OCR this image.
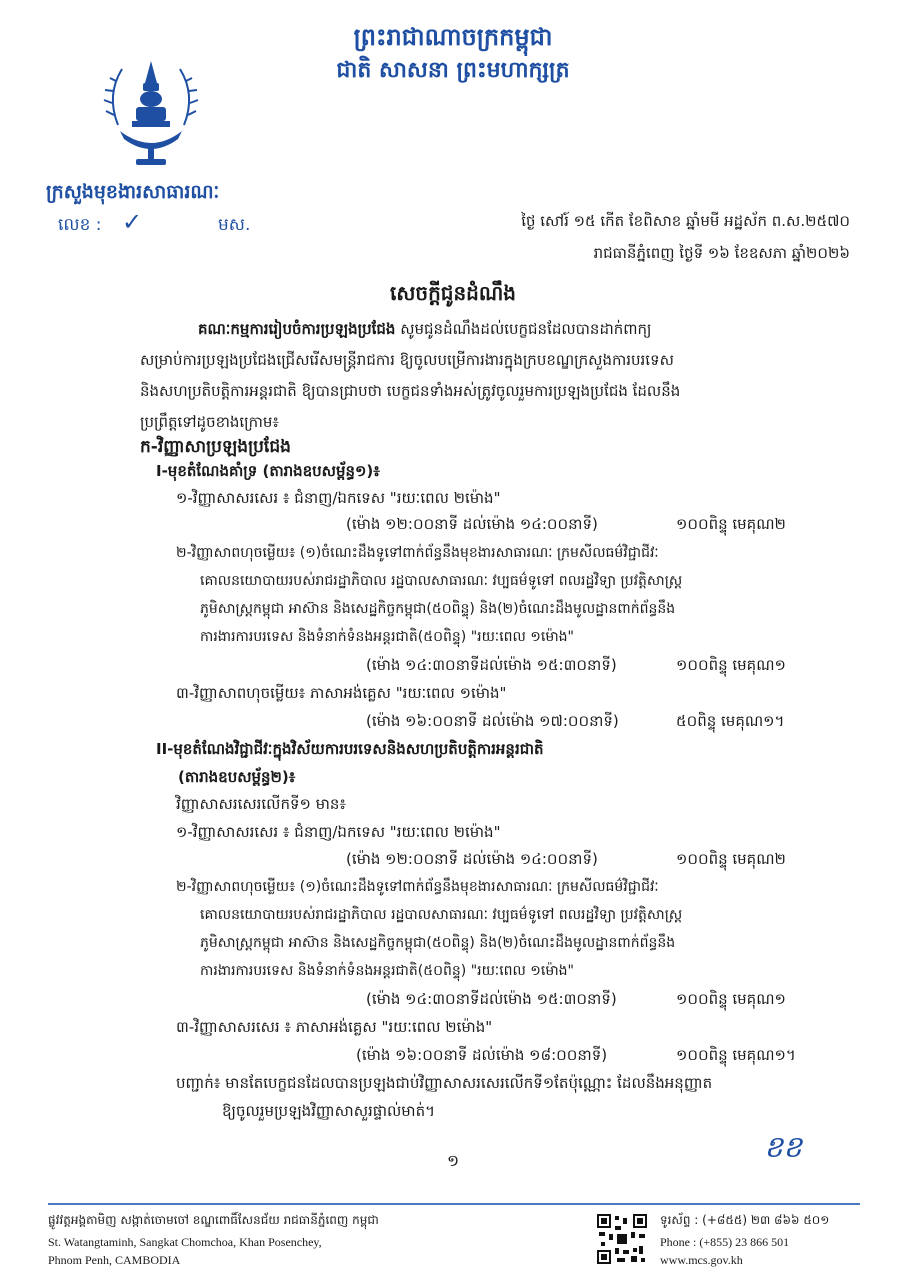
ព្រះរាជាណាចក្រកម្ពុជា
ជាតិ សាសនា ព្រះមហាក្សត្រ
ក្រសួងមុខងារសាធារណៈ
លេខ : ✓	មស.	ថ្ងៃ សៅរ៍ ១៥ កើត ខែពិសាខ ឆ្នាំមមី អដ្ឋស័ក ព.ស.២៥៧០
រាជធានីភ្នំពេញ ថ្ងៃទី ១៦ ខែឧសភា ឆ្នាំ២០២៦
សេចក្តីជូនដំណឹង
គណៈកម្មការរៀបចំការប្រឡងប្រជែង សូមជូនដំណឹងដល់បេក្ខជនដែលបានដាក់ពាក្យ
សម្រាប់ការប្រឡងប្រជែងជ្រើសរើសមន្ត្រីរាជការ ឱ្យចូលបម្រើការងារក្នុងក្របខណ្ឌក្រសួងការបរទេស
និងសហប្រតិបត្តិការអន្តរជាតិ ឱ្យបានជ្រាបថា បេក្ខជនទាំងអស់ត្រូវចូលរួមការប្រឡងប្រជែង ដែលនឹង
ប្រព្រឹត្តទៅដូចខាងក្រោម៖
ក-វិញ្ញាសាប្រឡងប្រជែង
I-មុខតំណែងគាំទ្រ (តារាងឧបសម្ព័ន្ធ១)៖
១-វិញ្ញាសាសរសេរ ៖ ជំនាញ/ឯកទេស "រយៈពេល ២ម៉ោង"
(ម៉ោង ១២:០០នាទី ដល់ម៉ោង ១៤:០០នាទី)	១០០ពិន្ទុ មេគុណ២
២-វិញ្ញាសាពហុចម្លើយ៖ (១)ចំណេះដឹងទូទៅពាក់ព័ន្ធនឹងមុខងារសាធារណៈ ក្រមសីលធម៌វិជ្ជាជីវៈ
គោលនយោបាយរបស់រាជរដ្ឋាភិបាល រដ្ឋបាលសាធារណៈ វប្បធម៌ទូទៅ ពលរដ្ឋវិទ្យា ប្រវត្តិសាស្ត្រ
ភូមិសាស្ត្រកម្ពុជា អាស៊ាន និងសេដ្ឋកិច្ចកម្ពុជា(៥០ពិន្ទុ) និង(២)ចំណេះដឹងមូលដ្ឋានពាក់ព័ន្ធនឹង
ការងារការបរទេស និងទំនាក់ទំនងអន្តរជាតិ(៥០ពិន្ទុ) "រយៈពេល ១ម៉ោង"
(ម៉ោង ១៤:៣០នាទីដល់ម៉ោង ១៥:៣០នាទី)	១០០ពិន្ទុ មេគុណ១
៣-វិញ្ញាសាពហុចម្លើយ៖ ភាសាអង់គ្លេស "រយៈពេល ១ម៉ោង"
(ម៉ោង ១៦:០០នាទី ដល់ម៉ោង ១៧:០០នាទី)	៥០ពិន្ទុ មេគុណ១។
II-មុខតំណែងវិជ្ជាជីវៈក្នុងវិស័យការបរទេសនិងសហប្រតិបត្តិការអន្តរជាតិ
(តារាងឧបសម្ព័ន្ធ២)៖
វិញ្ញាសាសរសេរលើកទី១ មាន៖
១-វិញ្ញាសាសរសេរ ៖ ជំនាញ/ឯកទេស "រយៈពេល ២ម៉ោង"
(ម៉ោង ១២:០០នាទី ដល់ម៉ោង ១៤:០០នាទី)	១០០ពិន្ទុ មេគុណ២
២-វិញ្ញាសាពហុចម្លើយ៖ (១)ចំណេះដឹងទូទៅពាក់ព័ន្ធនឹងមុខងារសាធារណៈ ក្រមសីលធម៌វិជ្ជាជីវៈ
គោលនយោបាយរបស់រាជរដ្ឋាភិបាល រដ្ឋបាលសាធារណៈ វប្បធម៌ទូទៅ ពលរដ្ឋវិទ្យា ប្រវត្តិសាស្ត្រ
ភូមិសាស្ត្រកម្ពុជា អាស៊ាន និងសេដ្ឋកិច្ចកម្ពុជា(៥០ពិន្ទុ) និង(២)ចំណេះដឹងមូលដ្ឋានពាក់ព័ន្ធនឹង
ការងារការបរទេស និងទំនាក់ទំនងអន្តរជាតិ(៥០ពិន្ទុ) "រយៈពេល ១ម៉ោង"
(ម៉ោង ១៤:៣០នាទីដល់ម៉ោង ១៥:៣០នាទី)	១០០ពិន្ទុ មេគុណ១
៣-វិញ្ញាសាសរសេរ ៖ ភាសាអង់គ្លេស "រយៈពេល ២ម៉ោង"
(ម៉ោង ១៦:០០នាទី ដល់ម៉ោង ១៨:០០នាទី)	១០០ពិន្ទុ មេគុណ១។
បញ្ជាក់៖ មានតែបេក្ខជនដែលបានប្រឡងជាប់វិញ្ញាសាសរសេរលើកទី១តែប៉ុណ្ណោះ ដែលនឹងអនុញ្ញាត
ឱ្យចូលរួមប្រឡងវិញ្ញាសាសួរផ្ទាល់មាត់។
ខខ
១
ផ្លូវវត្តអង្គតាមិញ សង្កាត់ចោមចៅ ខណ្ឌពោធិ៍សែនជ័យ រាជធានីភ្នំពេញ កម្ពុជា
St. Watangtaminh, Sangkat Chomchoa, Khan Posenchey,
Phnom Penh, CAMBODIA
ទូរស័ព្ទ : (+៨៥៥) ២៣ ៨៦៦ ៥០១
Phone : (+855) 23 866 501
www.mcs.gov.kh
